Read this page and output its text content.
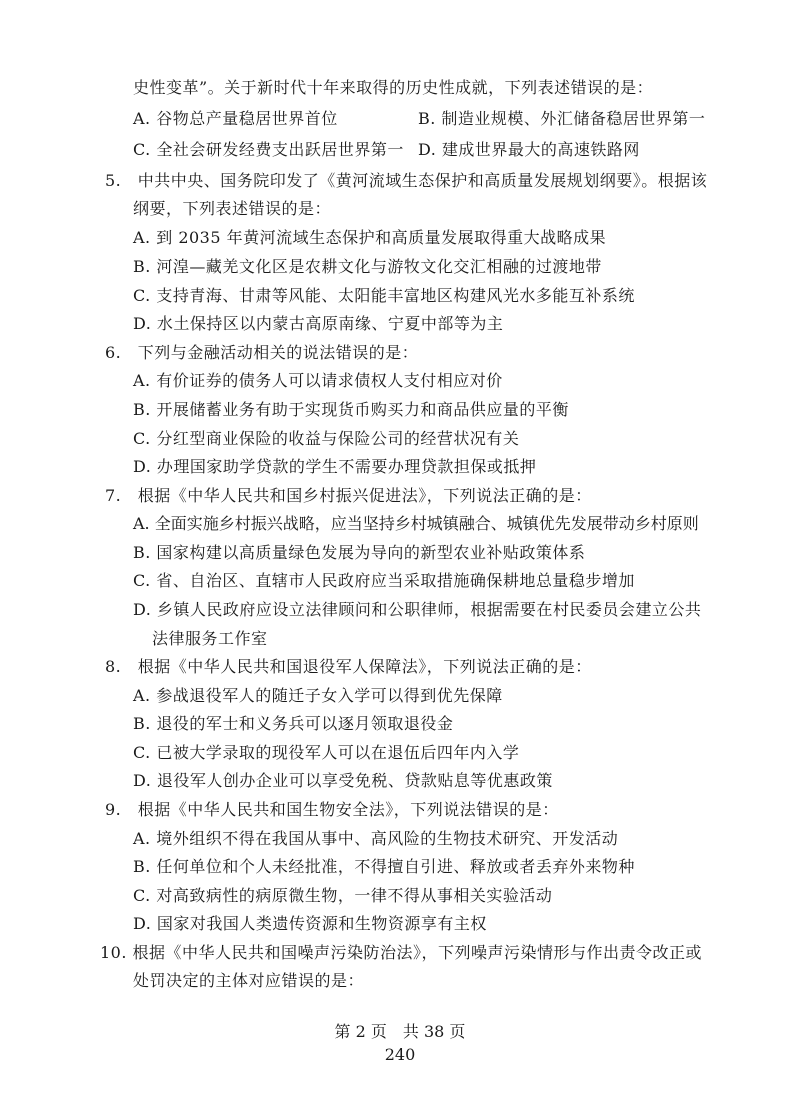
史性变革”。关于新时代十年来取得的历史性成就，下列表述错误的是：
A. 谷物总产量稳居世界首位	B. 制造业规模、外汇储备稳居世界第一
C. 全社会研发经费支出跃居世界第一 D. 建成世界最大的高速铁路网
5.　中共中央、国务院印发了《黄河流域生态保护和高质量发展规划纲要》。根据该
纲要，下列表述错误的是：
A. 到 2035 年黄河流域生态保护和高质量发展取得重大战略成果
B. 河湟—藏羌文化区是农耕文化与游牧文化交汇相融的过渡地带
C. 支持青海、甘肃等风能、太阳能丰富地区构建风光水多能互补系统
D. 水土保持区以内蒙古高原南缘、宁夏中部等为主
6.　下列与金融活动相关的说法错误的是：
A. 有价证券的债务人可以请求债权人支付相应对价
B. 开展储蓄业务有助于实现货币购买力和商品供应量的平衡
C. 分红型商业保险的收益与保险公司的经营状况有关
D. 办理国家助学贷款的学生不需要办理贷款担保或抵押
7.　根据《中华人民共和国乡村振兴促进法》，下列说法正确的是：
A. 全面实施乡村振兴战略，应当坚持乡村城镇融合、城镇优先发展带动乡村原则
B. 国家构建以高质量绿色发展为导向的新型农业补贴政策体系
C. 省、自治区、直辖市人民政府应当采取措施确保耕地总量稳步增加
D. 乡镇人民政府应设立法律顾问和公职律师，根据需要在村民委员会建立公共
法律服务工作室
8.　根据《中华人民共和国退役军人保障法》，下列说法正确的是：
A. 参战退役军人的随迁子女入学可以得到优先保障
B. 退役的军士和义务兵可以逐月领取退役金
C. 已被大学录取的现役军人可以在退伍后四年内入学
D. 退役军人创办企业可以享受免税、贷款贴息等优惠政策
9.　根据《中华人民共和国生物安全法》，下列说法错误的是：
A. 境外组织不得在我国从事中、高风险的生物技术研究、开发活动
B. 任何单位和个人未经批准，不得擅自引进、释放或者丢弃外来物种
C. 对高致病性的病原微生物，一律不得从事相关实验活动
D. 国家对我国人类遗传资源和生物资源享有主权
10. 根据《中华人民共和国噪声污染防治法》，下列噪声污染情形与作出责令改正或
处罚决定的主体对应错误的是：
第 2 页　共 38 页
240
